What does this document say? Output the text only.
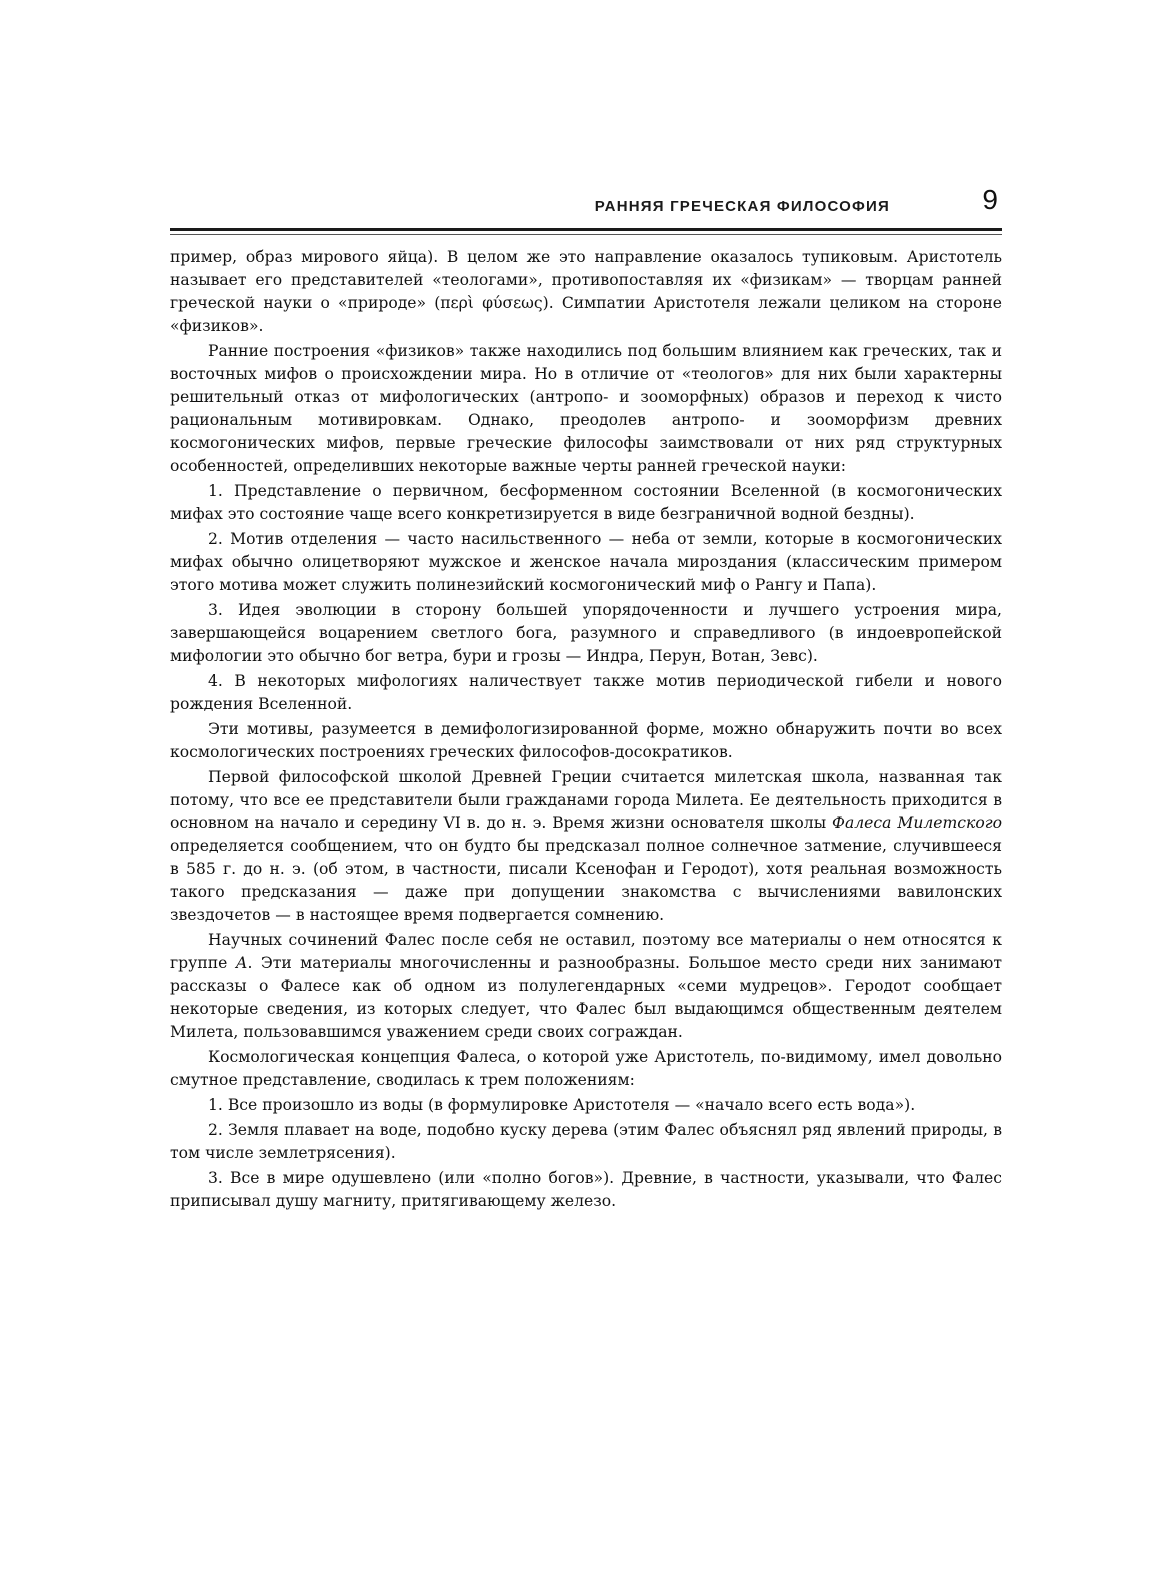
РАННЯЯ ГРЕЧЕСКАЯ ФИЛОСОФИЯ	9

пример, образ мирового яйца). В целом же это направление оказалось тупиковым. Аристотель называет его представителей «теологами», противопоставляя их «физикам» — творцам ранней греческой науки о «природе» (περὶ φύσεως). Симпатии Аристотеля лежали целиком на стороне «физиков».

Ранние построения «физиков» также находились под большим влиянием как греческих, так и восточных мифов о происхождении мира. Но в отличие от «теологов» для них были характерны решительный отказ от мифологических (антропо- и зооморфных) образов и переход к чисто рациональным мотивировкам. Однако, преодолев антропо- и зооморфизм древних космогонических мифов, первые греческие философы заимствовали от них ряд структурных особенностей, определивших некоторые важные черты ранней греческой науки:

1. Представление о первичном, бесформенном состоянии Вселенной (в космогонических мифах это состояние чаще всего конкретизируется в виде безграничной водной бездны).

2. Мотив отделения — часто насильственного — неба от земли, которые в космогонических мифах обычно олицетворяют мужское и женское начала мироздания (классическим примером этого мотива может служить полинезийский космогонический миф о Рангу и Папа).

3. Идея эволюции в сторону большей упорядоченности и лучшего устроения мира, завершающейся воцарением светлого бога, разумного и справедливого (в индоевропейской мифологии это обычно бог ветра, бури и грозы — Индра, Перун, Вотан, Зевс).

4. В некоторых мифологиях наличествует также мотив периодической гибели и нового рождения Вселенной.

Эти мотивы, разумеется в демифологизированной форме, можно обнаружить почти во всех космологических построениях греческих философов-досократиков.

Первой философской школой Древней Греции считается милетская школа, названная так потому, что все ее представители были гражданами города Милета. Ее деятельность приходится в основном на начало и середину VI в. до н. э. Время жизни основателя школы Фалеса Милетского определяется сообщением, что он будто бы предсказал полное солнечное затмение, случившееся в 585 г. до н. э. (об этом, в частности, писали Ксенофан и Геродот), хотя реальная возможность такого предсказания — даже при допущении знакомства с вычислениями вавилонских звездочетов — в настоящее время подвергается сомнению.

Научных сочинений Фалес после себя не оставил, поэтому все материалы о нем относятся к группе А. Эти материалы многочисленны и разнообразны. Большое место среди них занимают рассказы о Фалесе как об одном из полулегендарных «семи мудрецов». Геродот сообщает некоторые сведения, из которых следует, что Фалес был выдающимся общественным деятелем Милета, пользовавшимся уважением среди своих сограждан.

Космологическая концепция Фалеса, о которой уже Аристотель, по-видимому, имел довольно смутное представление, сводилась к трем положениям:

1. Все произошло из воды (в формулировке Аристотеля — «начало всего есть вода»).

2. Земля плавает на воде, подобно куску дерева (этим Фалес объяснял ряд явлений природы, в том числе землетрясения).

3. Все в мире одушевлено (или «полно богов»). Древние, в частности, указывали, что Фалес приписывал душу магниту, притягивающему железо.
